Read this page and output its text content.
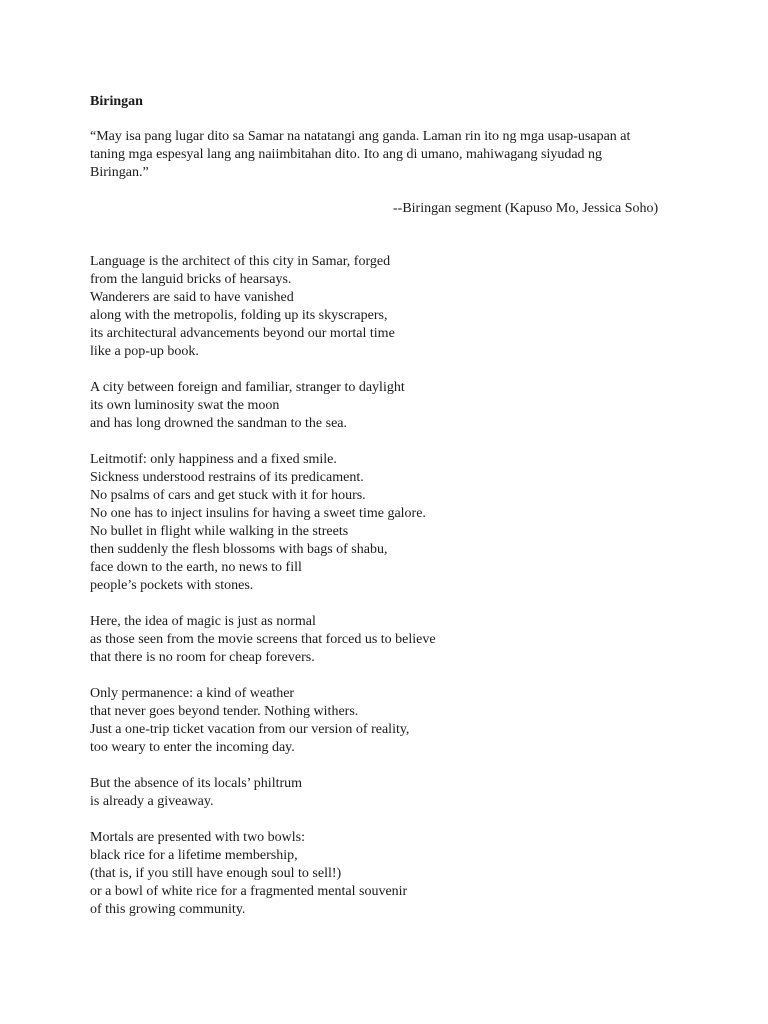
Biringan

“May isa pang lugar dito sa Samar na natatangi ang ganda. Laman rin ito ng mga usap-usapan at
taning mga espesyal lang ang naiimbitahan dito. Ito ang di umano, mahiwagang siyudad ng
Biringan.”

--Biringan segment (Kapuso Mo, Jessica Soho)

Language is the architect of this city in Samar, forged
from the languid bricks of hearsays.
Wanderers are said to have vanished
along with the metropolis, folding up its skyscrapers,
its architectural advancements beyond our mortal time
like a pop-up book.

A city between foreign and familiar, stranger to daylight
its own luminosity swat the moon
and has long drowned the sandman to the sea.

Leitmotif: only happiness and a fixed smile.
Sickness understood restrains of its predicament.
No psalms of cars and get stuck with it for hours.
No one has to inject insulins for having a sweet time galore.
No bullet in flight while walking in the streets
then suddenly the flesh blossoms with bags of shabu,
face down to the earth, no news to fill
people’s pockets with stones.

Here, the idea of magic is just as normal
as those seen from the movie screens that forced us to believe
that there is no room for cheap forevers.

Only permanence: a kind of weather
that never goes beyond tender. Nothing withers.
Just a one-trip ticket vacation from our version of reality,
too weary to enter the incoming day.

But the absence of its locals’ philtrum
is already a giveaway.

Mortals are presented with two bowls:
black rice for a lifetime membership,
(that is, if you still have enough soul to sell!)
or a bowl of white rice for a fragmented mental souvenir
of this growing community.
